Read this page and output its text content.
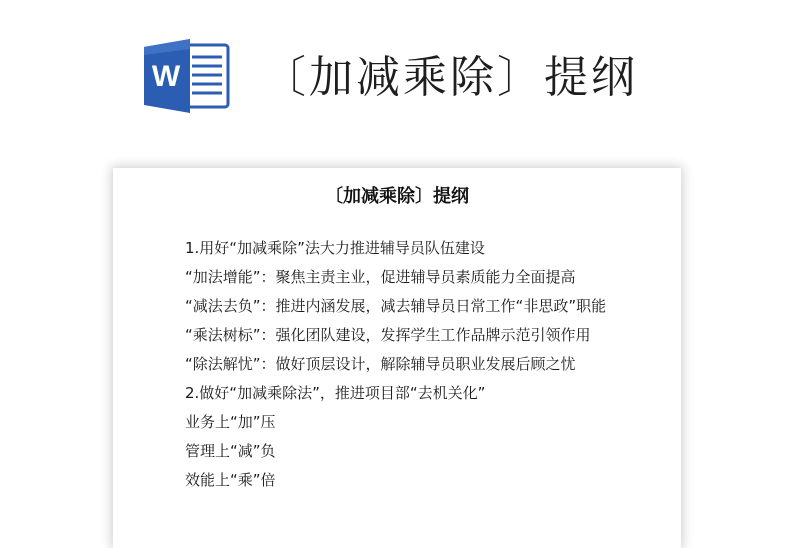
W 〔加减乘除〕提纲
〔加减乘除〕提纲

1.用好“加减乘除”法大力推进辅导员队伍建设

“加法增能”：聚焦主责主业，促进辅导员素质能力全面提高

“减法去负”：推进内涵发展，减去辅导员日常工作“非思政”职能

“乘法树标”：强化团队建设，发挥学生工作品牌示范引领作用

“除法解忧”：做好顶层设计，解除辅导员职业发展后顾之忧

2.做好“加减乘除法”，推进项目部“去机关化”

业务上“加”压

管理上“减”负

效能上“乘”倍
